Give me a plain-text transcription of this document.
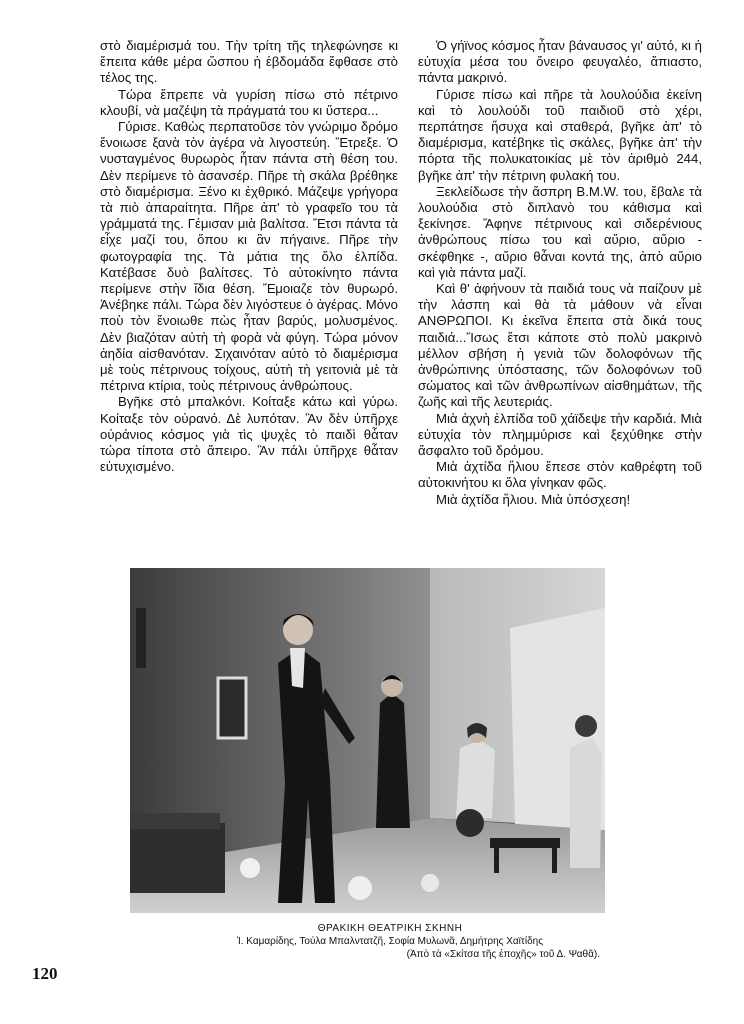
στὸ διαμέρισμά του. Τὴν τρίτη τῆς τηλεφώνησε κι ἔπειτα κάθε μέρα ὥσπου ἡ ἑβδομάδα ἔφθασε στὸ τέλος της.

Τώρα ἔπρεπε νὰ γυρίση πίσω στὸ πέτρινο κλουβί, νὰ μαζέψη τὰ πράγματά του κι ὕστερα...

Γύρισε. Καθὼς περπατοῦσε τὸν γνώριμο δρόμο ἔνοιωσε ξανὰ τὸν ἀγέρα νὰ λιγοστεύη. Ἔτρεξε. Ὁ νυσταγμένος θυρωρὸς ἦταν πάντα στὴ θέση του. Δὲν περίμενε τὸ ἀσανσέρ. Πῆρε τὴ σκάλα βρέθηκε στὸ διαμέρισμα. Ξένο κι ἐχθρικό. Μάζεψε γρήγορα τὰ πιὸ ἀπαραίτητα. Πῆρε ἀπ' τὸ γραφεῖο του τὰ γράμματά της. Γέμισαν μιὰ βαλίτσα. Ἔτσι πάντα τὰ εἶχε μαζί του, ὅπου κι ἂν πήγαινε. Πῆρε τὴν φωτογραφία της. Τὰ μάτια της ὅλο ἐλπίδα. Κατέβασε δυὸ βαλίτσες. Τὸ αὐτοκίνητο πάντα περίμενε στὴν ἴδια θέση. Ἔμοιαζε τὸν θυρωρό. Ἀνέβηκε πάλι. Τώρα δὲν λιγόστευε ὁ ἀγέρας. Μόνο ποὺ τὸν ἔνοιωθε πὼς ἦταν βαρύς, μολυσμένος. Δὲν βιαζόταν αὐτὴ τὴ φορὰ νὰ φύγη. Τώρα μόνον ἀηδία αἰσθανόταν. Σιχαινόταν αὐτὸ τὸ διαμέρισμα μὲ τοὺς πέτρινους τοίχους, αὐτὴ τὴ γειτονιὰ μὲ τὰ πέτρινα κτίρια, τοὺς πέτρινους ἀνθρώπους.

Βγῆκε στὸ μπαλκόνι. Κοίταξε κάτω καὶ γύρω. Κοίταξε τὸν οὐρανό. Δὲ λυπόταν. Ἂν δὲν ὑπῆρχε οὐράνιος κόσμος γιὰ τὶς ψυχὲς τὸ παιδὶ θἆταν τώρα τίποτα στὸ ἄπειρο. Ἂν πάλι ὑπῆρχε θἆταν εὐτυχισμένο.

Ὁ γήϊνος κόσμος ἦταν βάναυσος γι' αὐτό, κι ἡ εὐτυχία μέσα του ὄνειρο φευγαλέο, ἄπιαστο, πάντα μακρινό.

Γύρισε πίσω καὶ πῆρε τὰ λουλούδια ἐκείνη καὶ τὸ λουλούδι τοῦ παιδιοῦ στὸ χέρι, περπάτησε ἥσυχα καὶ σταθερά, βγῆκε ἀπ' τὸ διαμέρισμα, κατέβηκε τὶς σκάλες, βγῆκε ἀπ' τὴν πόρτα τῆς πολυκατοικίας μὲ τὸν ἀριθμὸ 244, βγῆκε ἀπ' τὴν πέτρινη φυλακή του.

Ξεκλείδωσε τὴν ἄσπρη B.M.W. του, ἔβαλε τὰ λουλούδια στὸ διπλανὸ του κάθισμα καὶ ξεκίνησε. Ἄφηνε πέτρινους καὶ σιδερένιους ἀνθρώπους πίσω του καὶ αὔριο, αὔριο - σκέφθηκε -, αὔριο θἆναι κοντά της, ἀπὸ αὔριο καὶ γιὰ πάντα μαζί.

Καὶ θ' ἀφήνουν τὰ παιδιά τους νὰ παίζουν μὲ τὴν λάσπη καὶ θὰ τὰ μάθουν νὰ εἶναι ΑΝΘΡΩΠΟΙ. Κι ἐκεῖνα ἔπειτα στὰ δικά τους παιδιά...Ἴσως ἔτσι κάποτε στὸ πολὺ μακρινὸ μέλλον σβήση ἡ γενιὰ τῶν δολοφόνων τῆς ἀνθρώπινης ὑπόστασης, τῶν δολοφόνων τοῦ σώματος καὶ τῶν ἀνθρωπίνων αἰσθημάτων, τῆς ζωῆς καὶ τῆς λευτεριάς.

Μιὰ ἀχνὴ ἐλπίδα τοῦ χάϊδεψε τὴν καρδιά. Μιὰ εὐτυχία τὸν πλημμύρισε καὶ ξεχύθηκε στὴν ἄσφαλτο τοῦ δρόμου.

Μιὰ ἀχτίδα ἥλιου ἔπεσε στὸν καθρέφτη τοῦ αὐτοκινήτου κι ὅλα γίνηκαν φῶς.

Μιὰ ἀχτίδα ἥλιου. Μιὰ ὑπόσχεση!

ΘΡΑΚΙΚΗ ΘΕΑΤΡΙΚΗ ΣΚΗΝΗ
Ἰ. Καμαρίδης, Τούλα Μπαλντατζῆ, Σοφία Μυλωνᾶ, Δημήτρης Χαϊτίδης
(Ἀπὸ τὰ «Σκίτσα τῆς ἐποχῆς» τοῦ Δ. Ψαθᾶ).
120
